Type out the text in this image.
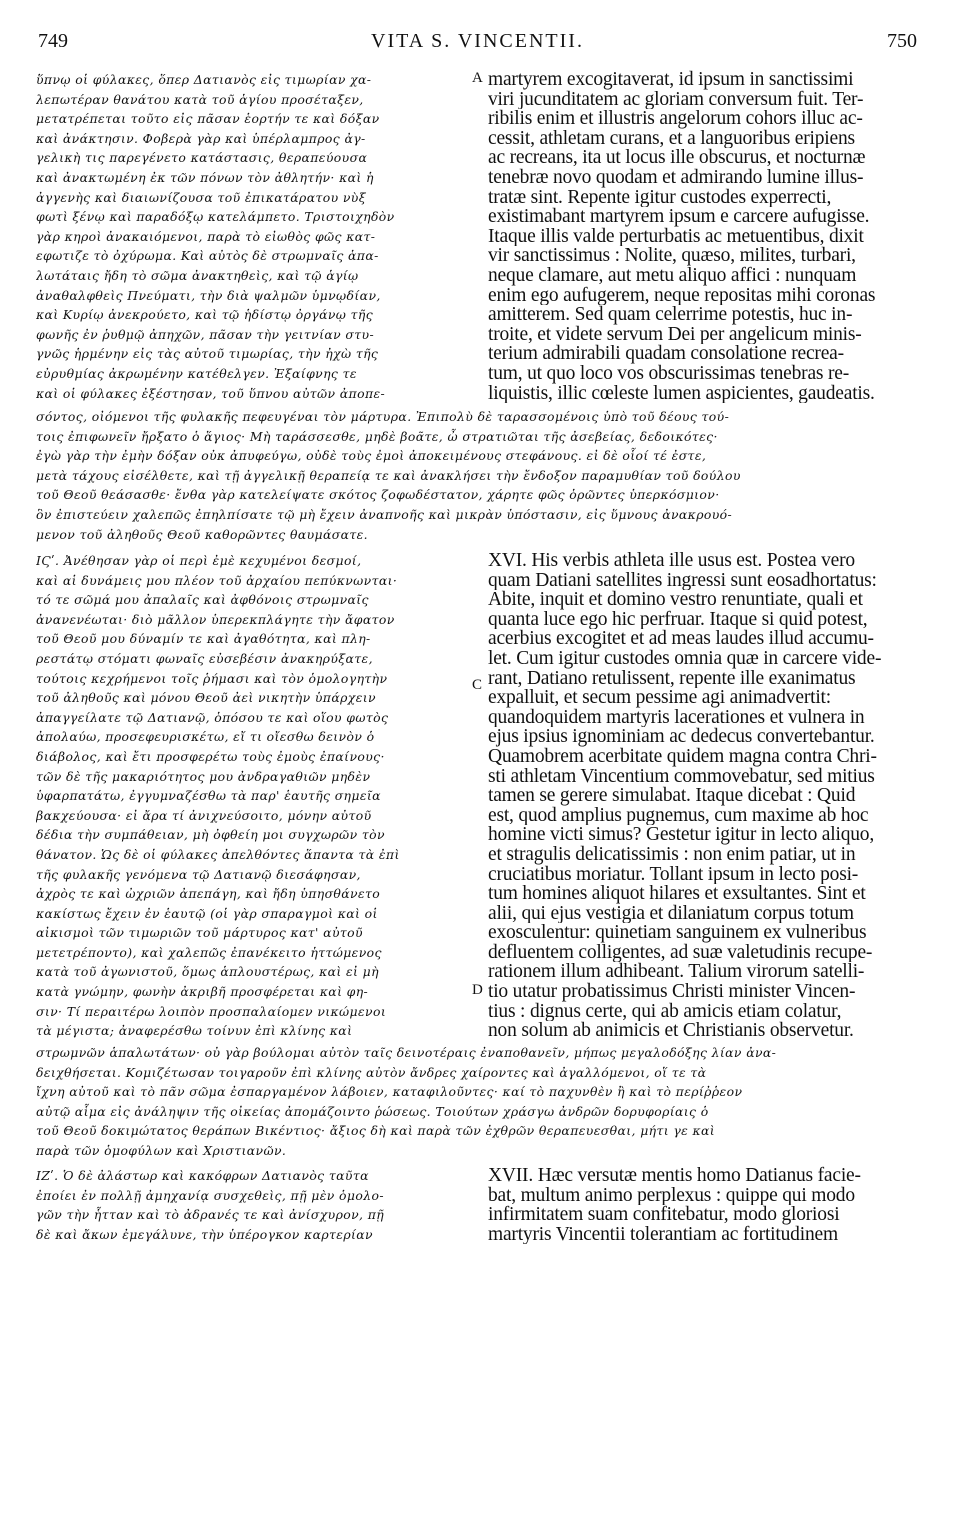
749	VITA S. VINCENTII.	750
ὕπνῳ οἱ φύλακες, ὅπερ Δατιανὸς εἰς τιμωρίαν χα-
λεπωτέραν θανάτου κατὰ τοῦ ἁγίου προσέταξεν,
μετατρέπεται τοῦτο εἰς πᾶσαν ἑορτήν τε καὶ δόξαν
καὶ ἀνάκτησιν. Φοβερὰ γὰρ καὶ ὑπέρλαμπρος ἀγ-
γελικὴ τις παρεγένετο κατάστασις, θεραπεύουσα
καὶ ἀνακτωμένη ἐκ τῶν πόνων τὸν ἀθλητήν· καὶ ἡ
ἀγγενὴς καὶ διαιωνίζουσα τοῦ ἐπικατάρατου νὺξ
φωτὶ ξένῳ καὶ παραδόξῳ κατελάμπετο. Τριστοιχηδὸν
γὰρ κηροὶ ἀνακαιόμενοι, παρὰ τὸ εἰωθὸς φῶς κατ-
εφωτιζε τὸ ὀχύρωμα. Καὶ αὐτὸς δὲ στρωμναῖς ἁπα-
λωτάταις ἤδη τὸ σῶμα ἀνακτηθεὶς, καὶ τῷ ἁγίῳ
ἀναθαλφθεὶς Πνεύματι, τὴν διὰ ψαλμῶν ὑμνῳδίαν,
καὶ Κυρίῳ ἀνεκρούετο, καὶ τῷ ἡδίστῳ ὀργάνῳ τῆς
φωνῆς ἐν ῥυθμῷ ἀπηχῶν, πᾶσαν τὴν γειτνίαν στυ-
γνῶς ἡρμένην εἰς τὰς αὐτοῦ τιμωρίας, τὴν ἠχὼ τῆς
εὐρυθμίας ἀκρωμένην κατέθελγεν. Ἐξαίφνης τε
καὶ οἱ φύλακες ἐξέστησαν, τοῦ ὕπνου αὐτῶν ἀποπε-
martyrem excogitaverat, id ipsum in sanctissimi
viri jucunditatem ac gloriam conversum fuit. Ter-
ribilis enim et illustris angelorum cohors illuc ac-
cessit, athletam curans, et a languoribus eripiens
ac recreans, ita ut locus ille obscurus, et nocturnæ
tenebræ novo quodam et admirando lumine illus-
tratæ sint. Repente igitur custodes experrecti,
existimabant martyrem ipsum e carcere aufugisse.
Itaque illis valde perturbatis ac metuentibus, dixit
vir sanctissimus : Nolite, quæso, milites, turbari,
neque clamare, aut metu aliquo affici : nunquam
enim ego aufugerem, neque repositas mihi coronas
amitterem. Sed quam celerrime potestis, huc in-
troite, et videte servum Dei per angelicum minis-
terium admirabili quadam consolatione recrea-
tum, ut quo loco vos obscurissimas tenebras re-
liquistis, illic cœleste lumen aspicientes, gaudeatis.
σόντος, οἰόμενοι τῆς φυλακῆς πεφευγέναι τὸν μάρτυρα. Ἐπιπολὺ δὲ ταρασσομένοις ὑπὸ τοῦ δέους τού-
τοις ἐπιφωνεῖν ἤρξατο ὁ ἅγιος· Μὴ ταράσσεσθε, μηδὲ βοᾶτε, ὦ στρατιῶται τῆς ἀσεβείας, δεδοικότες·
ἐγὼ γὰρ τὴν ἐμὴν δόξαν οὐκ ἀπυφεύγω, οὐδὲ τοὺς ἐμοὶ ἀποκειμένους στεφάνους. εἰ δὲ οἷοί τέ ἐστε,
μετὰ τάχους εἰσέλθετε, καὶ τῇ ἀγγελικῇ θεραπείᾳ τε καὶ ἀνακλήσει τὴν ἔνδοξον παραμυθίαν τοῦ δούλου
τοῦ Θεοῦ θεάσασθε· ἔνθα γὰρ κατελείψατε σκότος ζοφωδέστατον, χάρητε φῶς ὁρῶντες ὑπερκόσμιον·
ὃν ἐπιστεύειν χαλεπῶς ἐπηλπίσατε τῷ μὴ ἔχειν ἀναπνοῆς καὶ μικρὰν ὑπόστασιν, εἰς ὕμνους ἀνακρουό-
μενον τοῦ ἀληθοῦς Θεοῦ καθορῶντες θαυμάσατε.
ΙϚʹ. Ἀνέθησαν γὰρ οἱ περὶ ἐμὲ κεχυμένοι δεσμοί,
καὶ αἱ δυνάμεις μου πλέον τοῦ ἀρχαίου πεπύκνωνται·
τό τε σῶμά μου ἀπαλαῖς καὶ ἀφθόνοις στρωμναῖς
ἀνανενέωται· διὸ μᾶλλον ὑπερεκπλάγητε τὴν ἄφατον
τοῦ Θεοῦ μου δύναμίν τε καὶ ἀγαθότητα, καὶ πλη-
ρεστάτῳ στόματι φωναῖς εὐσεβέσιν ἀνακηρύξατε,
τούτοις κεχρήμενοι τοῖς ῥήμασι καὶ τὸν ὁμολογητὴν
τοῦ ἀληθοῦς καὶ μόνου Θεοῦ ἀεὶ νικητὴν ὑπάρχειν
ἀπαγγείλατε τῷ Δατιανῷ, ὁπόσου τε καὶ οἵου φωτὸς
ἀπολαύω, προσεφευρισκέτω, εἴ τι οἴεσθω δεινὸν ὁ
διάβολος, καὶ ἔτι προσφερέτω τοὺς ἐμοὺς ἐπαίνους·
τῶν δὲ τῆς μακαριότητος μου ἀνδραγαθιῶν μηδὲν
ὑφαρπατάτω, ἐγγυμναζέσθω τὰ παρ' ἑαυτῆς σημεῖα
βακχεύουσα· εἰ ἄρα τί ἀνιχνεύσοιτο, μόνην αὐτοῦ
δέδια τὴν συμπάθειαν, μὴ ὀφθείη μοι συγχωρῶν τὸν
θάνατον. Ὡς δὲ οἱ φύλακες ἀπελθόντες ἅπαντα τὰ ἐπὶ
τῆς φυλακῆς γενόμενα τῷ Δατιανῷ διεσάφησαν,
ἀχρὸς τε καὶ ὠχριῶν ἀπεπάγη, καὶ ἤδη ὑπησθάνετο
κακίστως ἔχειν ἐν ἑαυτῷ (οἱ γὰρ σπαραγμοὶ καὶ οἱ
αἰκισμοὶ τῶν τιμωριῶν τοῦ μάρτυρος κατ' αὐτοῦ
μετετρέποντο), καὶ χαλεπῶς ἐπανέκειτο ἡττώμενος
κατὰ τοῦ ἀγωνιστοῦ, ὅμως ἁπλουστέρως, καὶ εἰ μὴ
κατὰ γνώμην, φωνὴν ἀκριβῆ προσφέρεται καὶ φη-
σιν· Τί περαιτέρω λοιπὸν προσπαλαίομεν νικώμενοι
τὰ μέγιστα; ἀναφερέσθω τοίνυν ἐπὶ κλίνης καὶ
XVI. His verbis athleta ille usus est. Postea vero
quam Datiani satellites ingressi sunt eosadhortatus:
Abite, inquit et domino vestro renuntiate, quali et
quanta luce ego hic perfruar. Itaque si quid potest,
acerbius excogitet et ad meas laudes illud accumu-
let. Cum igitur custodes omnia quæ in carcere vide-
rant, Datiano retulissent, repente ille exanimatus
expalluit, et secum pessime agi animadvertit:
quandoquidem martyris lacerationes et vulnera in
ejus ipsius ignominiam ac dedecus convertebantur.
Quamobrem acerbitate quidem magna contra Chri-
sti athletam Vincentium commovebatur, sed mitius
tamen se gerere simulabat. Itaque dicebat : Quid
est, quod amplius pugnemus, cum maxime ab hoc
homine victi simus? Gestetur igitur in lecto aliquo,
et stragulis delicatissimis : non enim patiar, ut in
cruciatibus moriatur. Tollant ipsum in lecto posi-
tum homines aliquot hilares et exsultantes. Sint et
alii, qui ejus vestigia et dilaniatum corpus totum
exosculentur: quinetiam sanguinem ex vulneribus
defluentem colligentes, ad suæ valetudinis recupe-
rationem illum adhibeant. Talium virorum satelli-
tio utatur probatissimus Christi minister Vincen-
tius : dignus certe, qui ab amicis etiam colatur,
non solum ab animicis et Christianis observetur.
στρωμνῶν ἁπαλωτάτων· οὐ γὰρ βούλομαι αὐτὸν ταῖς δεινοτέραις ἐναποθανεῖν, μήπως μεγαλοδόξης λίαν ἀνα-
δειχθήσεται. Κομιζέτωσαν τοιγαροῦν ἐπὶ κλίνης αὐτὸν ἄνδρες χαίροντες καὶ ἀγαλλόμενοι, οἵ τε τὰ
ἴχνη αὐτοῦ καὶ τὸ πᾶν σῶμα ἐσπαργαμένον λάβοιεν, καταφιλοῦντες· καί τὸ παχυνθὲν ἢ καὶ τὸ περίῤῥεον
αὐτῷ αἷμα εἰς ἀνάληψιν τῆς οἰκείας ἀπομάζοιντο ῥώσεως. Τοιούτων χράσγω ἀνδρῶν δορυφορίαις ὁ
τοῦ Θεοῦ δοκιμώτατος θεράπων Βικέντιος· ἄξιος δὴ καὶ παρὰ τῶν ἐχθρῶν θεραπευεσθαι, μήτι γε καὶ
παρὰ τῶν ὁμοφύλων καὶ Χριστιανῶν.
ΙΖʹ. Ὁ δὲ ἀλάστωρ καὶ κακόφρων Δατιανὸς ταῦτα
ἐποίει ἐν πολλῇ ἀμηχανίᾳ συσχεθεὶς, πῇ μὲν ὁμολο-
γῶν τὴν ἧτταν καὶ τὸ ἀδρανές τε καὶ ἀνίσχυρον, πῇ
δὲ καὶ ἄκων ἐμεγάλυνε, τὴν ὑπέρογκον καρτερίαν
XVII. Hæc versutæ mentis homo Datianus facie-
bat, multum animo perplexus : quippe qui modo
infirmitatem suam confitebatur, modo gloriosi
martyris Vincentii tolerantiam ac fortitudinem
A
C
D
